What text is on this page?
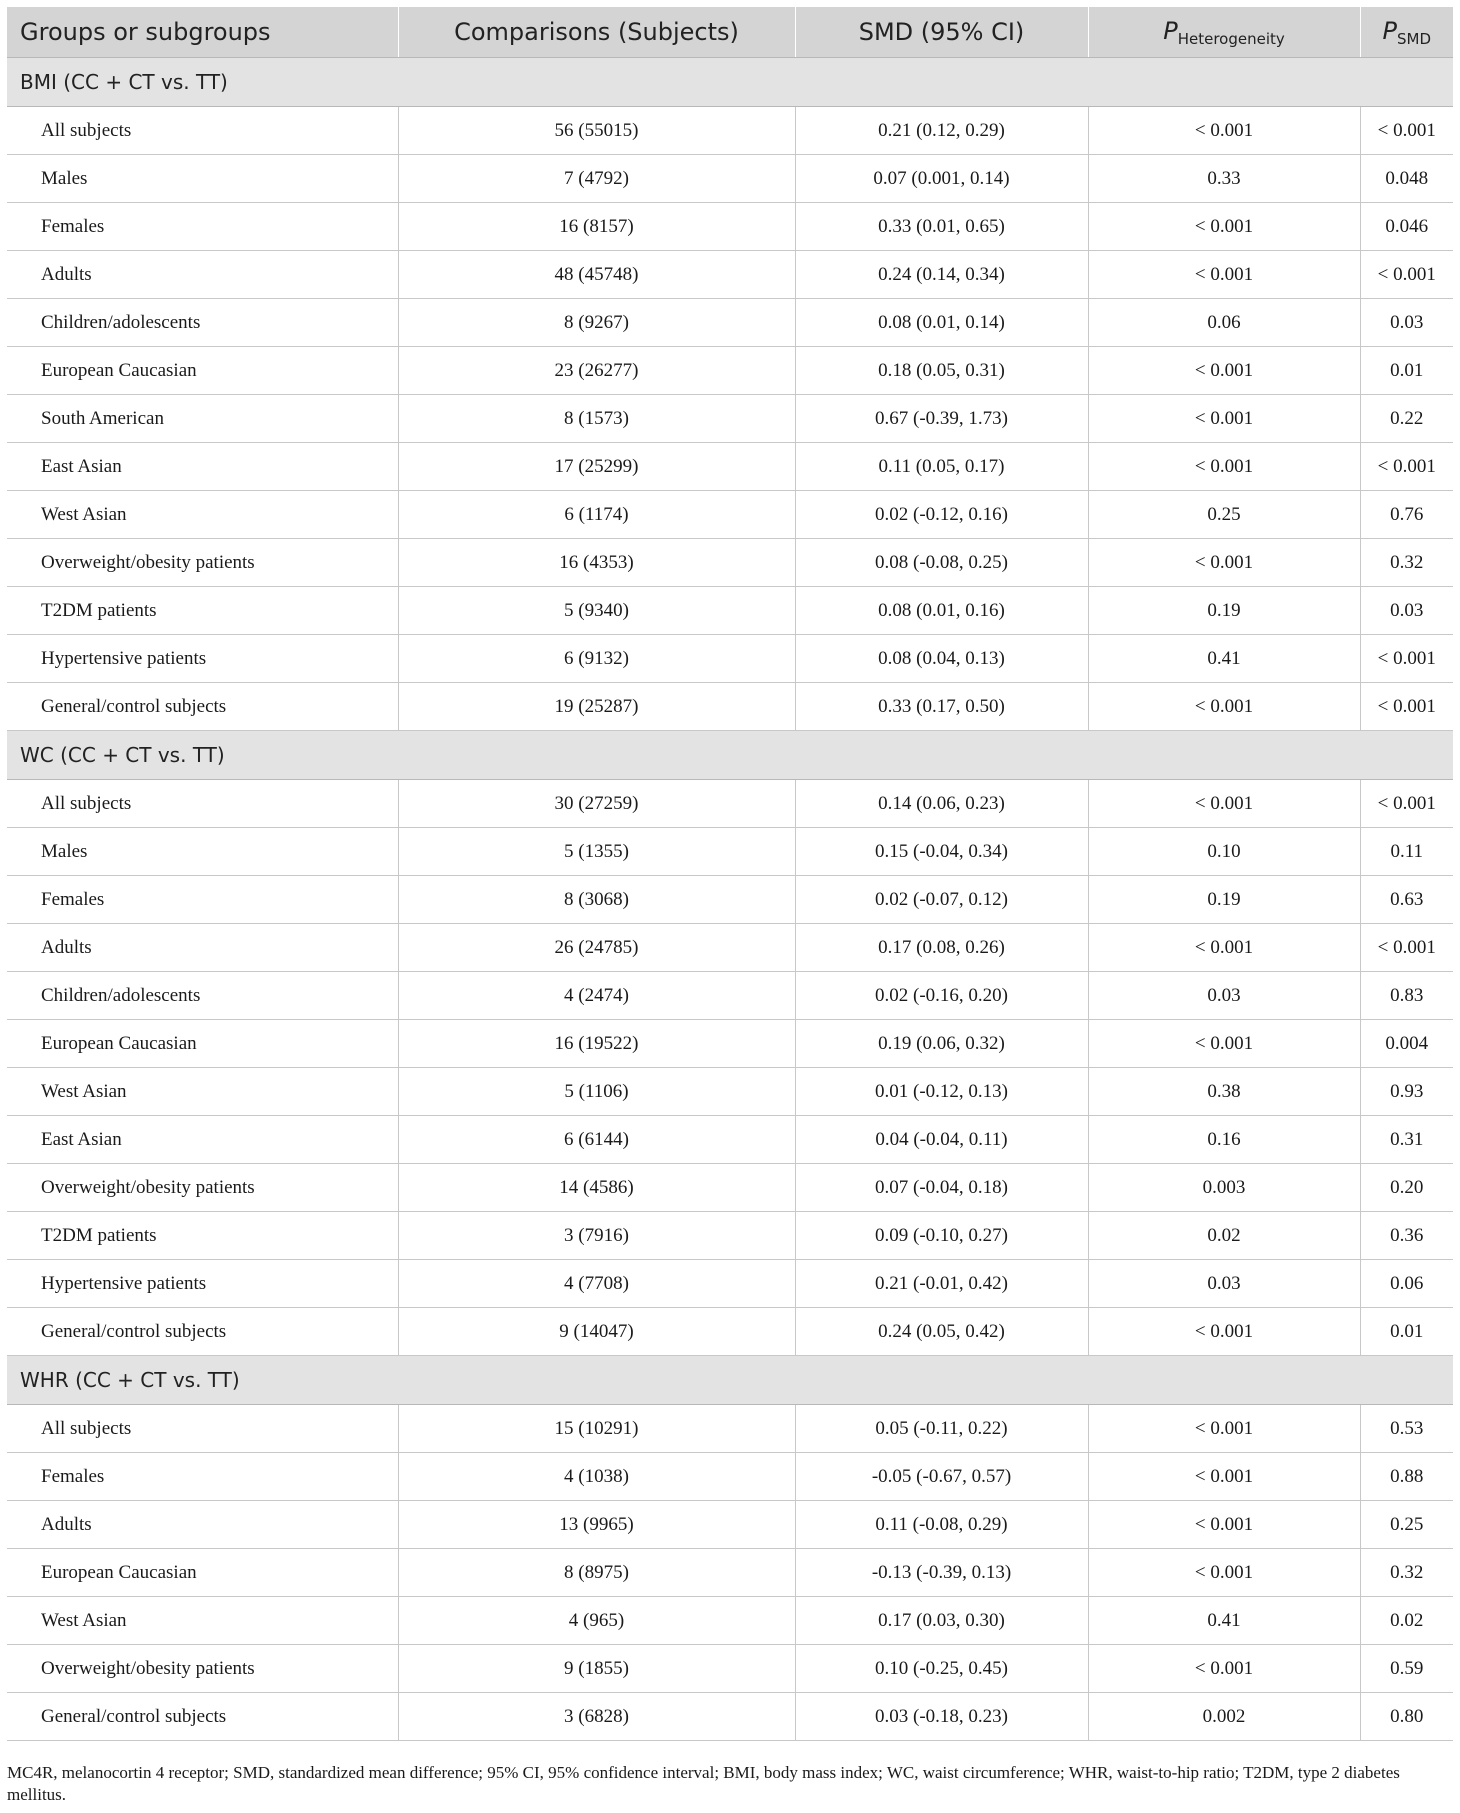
Groups or subgroups	Comparisons (Subjects)	SMD (95% CI)	$P_{Heterogeneity}$	$P_{SMD}$
BMI (CC + CT vs. TT)				
All subjects	56 (55015)	0.21 (0.12, 0.29)	< 0.001	< 0.001
Males	7 (4792)	0.07 (0.001, 0.14)	0.33	0.048
Females	16 (8157)	0.33 (0.01, 0.65)	< 0.001	0.046
Adults	48 (45748)	0.24 (0.14, 0.34)	< 0.001	< 0.001
Children/adolescents	8 (9267)	0.08 (0.01, 0.14)	0.06	0.03
European Caucasian	23 (26277)	0.18 (0.05, 0.31)	< 0.001	0.01
South American	8 (1573)	0.67 (-0.39, 1.73)	< 0.001	0.22
East Asian	17 (25299)	0.11 (0.05, 0.17)	< 0.001	< 0.001
West Asian	6 (1174)	0.02 (-0.12, 0.16)	0.25	0.76
Overweight/obesity patients	16 (4353)	0.08 (-0.08, 0.25)	< 0.001	0.32
T2DM patients	5 (9340)	0.08 (0.01, 0.16)	0.19	0.03
Hypertensive patients	6 (9132)	0.08 (0.04, 0.13)	0.41	< 0.001
General/control subjects	19 (25287)	0.33 (0.17, 0.50)	< 0.001	< 0.001
WC (CC + CT vs. TT)				
All subjects	30 (27259)	0.14 (0.06, 0.23)	< 0.001	< 0.001
Males	5 (1355)	0.15 (-0.04, 0.34)	0.10	0.11
Females	8 (3068)	0.02 (-0.07, 0.12)	0.19	0.63
Adults	26 (24785)	0.17 (0.08, 0.26)	< 0.001	< 0.001
Children/adolescents	4 (2474)	0.02 (-0.16, 0.20)	0.03	0.83
European Caucasian	16 (19522)	0.19 (0.06, 0.32)	< 0.001	0.004
West Asian	5 (1106)	0.01 (-0.12, 0.13)	0.38	0.93
East Asian	6 (6144)	0.04 (-0.04, 0.11)	0.16	0.31
Overweight/obesity patients	14 (4586)	0.07 (-0.04, 0.18)	0.003	0.20
T2DM patients	3 (7916)	0.09 (-0.10, 0.27)	0.02	0.36
Hypertensive patients	4 (7708)	0.21 (-0.01, 0.42)	0.03	0.06
General/control subjects	9 (14047)	0.24 (0.05, 0.42)	< 0.001	0.01
WHR (CC + CT vs. TT)				
All subjects	15 (10291)	0.05 (-0.11, 0.22)	< 0.001	0.53
Females	4 (1038)	-0.05 (-0.67, 0.57)	< 0.001	0.88
Adults	13 (9965)	0.11 (-0.08, 0.29)	< 0.001	0.25
European Caucasian	8 (8975)	-0.13 (-0.39, 0.13)	< 0.001	0.32
West Asian	4 (965)	0.17 (0.03, 0.30)	0.41	0.02
Overweight/obesity patients	9 (1855)	0.10 (-0.25, 0.45)	< 0.001	0.59
General/control subjects	3 (6828)	0.03 (-0.18, 0.23)	0.002	0.80
MC4R, melanocortin 4 receptor; SMD, standardized mean difference; 95% CI, 95% confidence interval; BMI, body mass index; WC, waist circumference; WHR, waist-to-hip ratio; T2DM, type 2 diabetes mellitus.
